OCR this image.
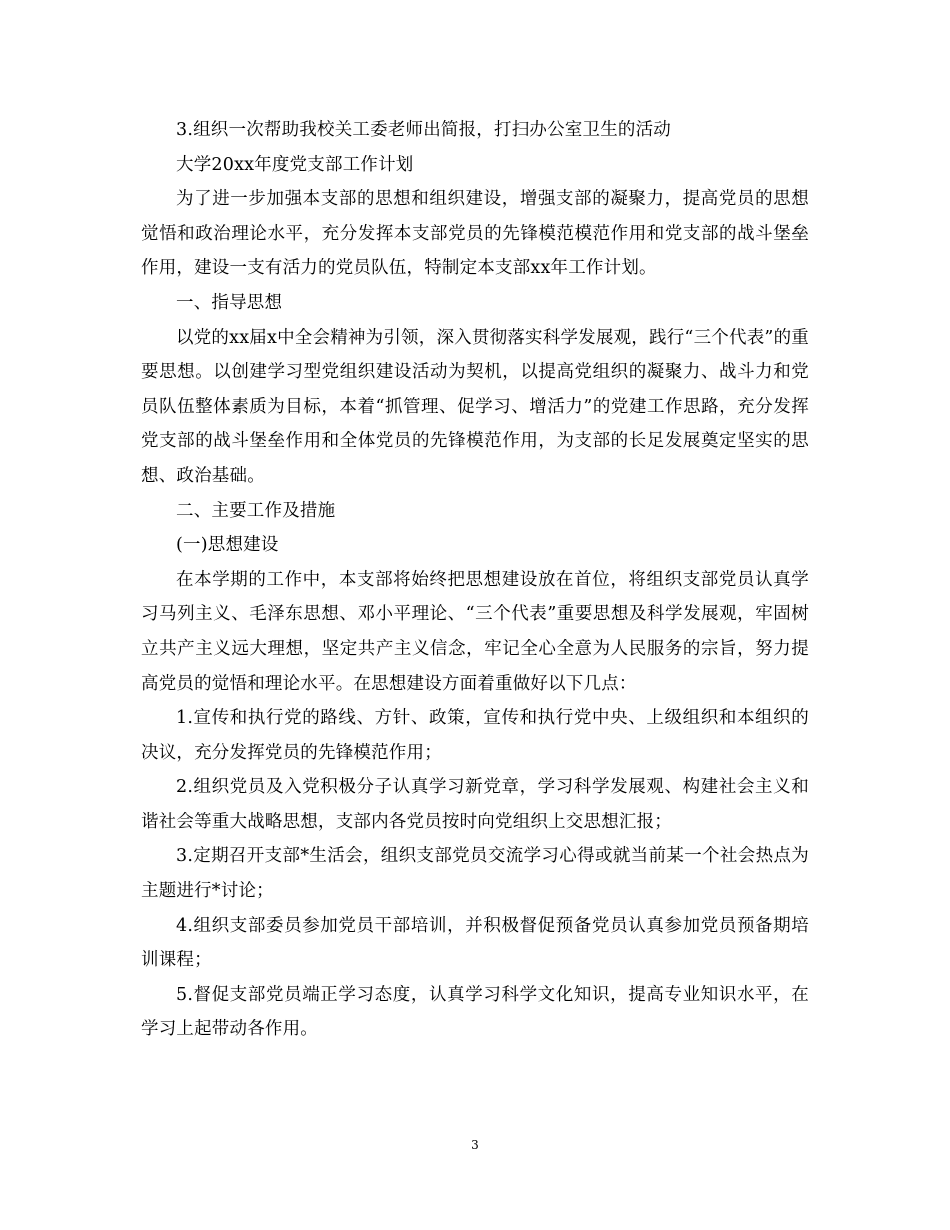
3.组织一次帮助我校关工委老师出简报，打扫办公室卫生的活动

大学20xx年度党支部工作计划

为了进一步加强本支部的思想和组织建设，增强支部的凝聚力，提高党员的思想觉悟和政治理论水平，充分发挥本支部党员的先锋模范模范作用和党支部的战斗堡垒作用，建设一支有活力的党员队伍，特制定本支部xx年工作计划。

一、指导思想

以党的xx届x中全会精神为引领，深入贯彻落实科学发展观，践行“三个代表”的重要思想。以创建学习型党组织建设活动为契机，以提高党组织的凝聚力、战斗力和党员队伍整体素质为目标，本着“抓管理、促学习、增活力”的党建工作思路，充分发挥党支部的战斗堡垒作用和全体党员的先锋模范作用，为支部的长足发展奠定坚实的思想、政治基础。

二、主要工作及措施

(一)思想建设

在本学期的工作中，本支部将始终把思想建设放在首位，将组织支部党员认真学习马列主义、毛泽东思想、邓小平理论、“三个代表”重要思想及科学发展观，牢固树立共产主义远大理想，坚定共产主义信念，牢记全心全意为人民服务的宗旨，努力提高党员的觉悟和理论水平。在思想建设方面着重做好以下几点：

1.宣传和执行党的路线、方针、政策，宣传和执行党中央、上级组织和本组织的决议，充分发挥党员的先锋模范作用；

2.组织党员及入党积极分子认真学习新党章，学习科学发展观、构建社会主义和谐社会等重大战略思想，支部内各党员按时向党组织上交思想汇报；

3.定期召开支部*生活会，组织支部党员交流学习心得或就当前某一个社会热点为主题进行*讨论；

4.组织支部委员参加党员干部培训，并积极督促预备党员认真参加党员预备期培训课程；

5.督促支部党员端正学习态度，认真学习科学文化知识，提高专业知识水平，在学习上起带动各作用。

3
